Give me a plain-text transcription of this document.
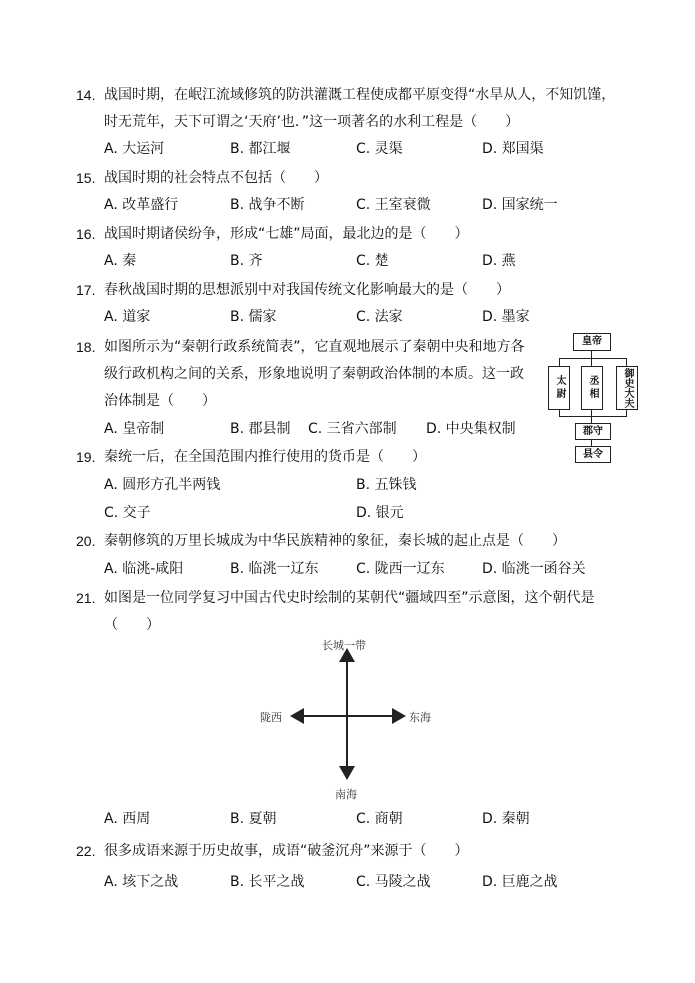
14. 战国时期，在岷江流域修筑的防洪灌溉工程使成都平原变得“水旱从人，不知饥馑，
时无荒年，天下可谓之‘天府’也．”这一项著名的水利工程是（　　）
A. 大运河	B. 都江堰	C. 灵渠	D. 郑国渠
15. 战国时期的社会特点不包括（　　）
A. 改革盛行	B. 战争不断	C. 王室衰微	D. 国家统一
16. 战国时期诸侯纷争，形成“七雄”局面，最北边的是（　　）
A. 秦	B. 齐	C. 楚	D. 燕
17. 春秋战国时期的思想派别中对我国传统文化影响最大的是（　　）
A. 道家	B. 儒家	C. 法家	D. 墨家
18. 如图所示为“秦朝行政系统简表”，它直观地展示了秦朝中央和地方各
级行政机构之间的关系，形象地说明了秦朝政治体制的本质。这一政
治体制是（　　）
A. 皇帝制	B. 郡县制 C. 三省六部制 D. 中央集权制
皇帝
太尉	丞相	御史大夫
郡守
县令
19. 秦统一后，在全国范围内推行使用的货币是（　　）
A. 圆形方孔半两钱	B. 五铢钱
C. 交子	D. 银元
20. 秦朝修筑的万里长城成为中华民族精神的象征，秦长城的起止点是（　　）
A. 临洮-咸阳	B. 临洮一辽东	C. 陇西一辽东	D. 临洮一函谷关
21. 如图是一位同学复习中国古代史时绘制的某朝代“疆域四至”示意图，这个朝代是
（　　）
长城一带
陇西	东海
南海
A. 西周	B. 夏朝	C. 商朝	D. 秦朝
22. 很多成语来源于历史故事，成语“破釜沉舟”来源于（　　）
A. 垓下之战	B. 长平之战	C. 马陵之战	D. 巨鹿之战
